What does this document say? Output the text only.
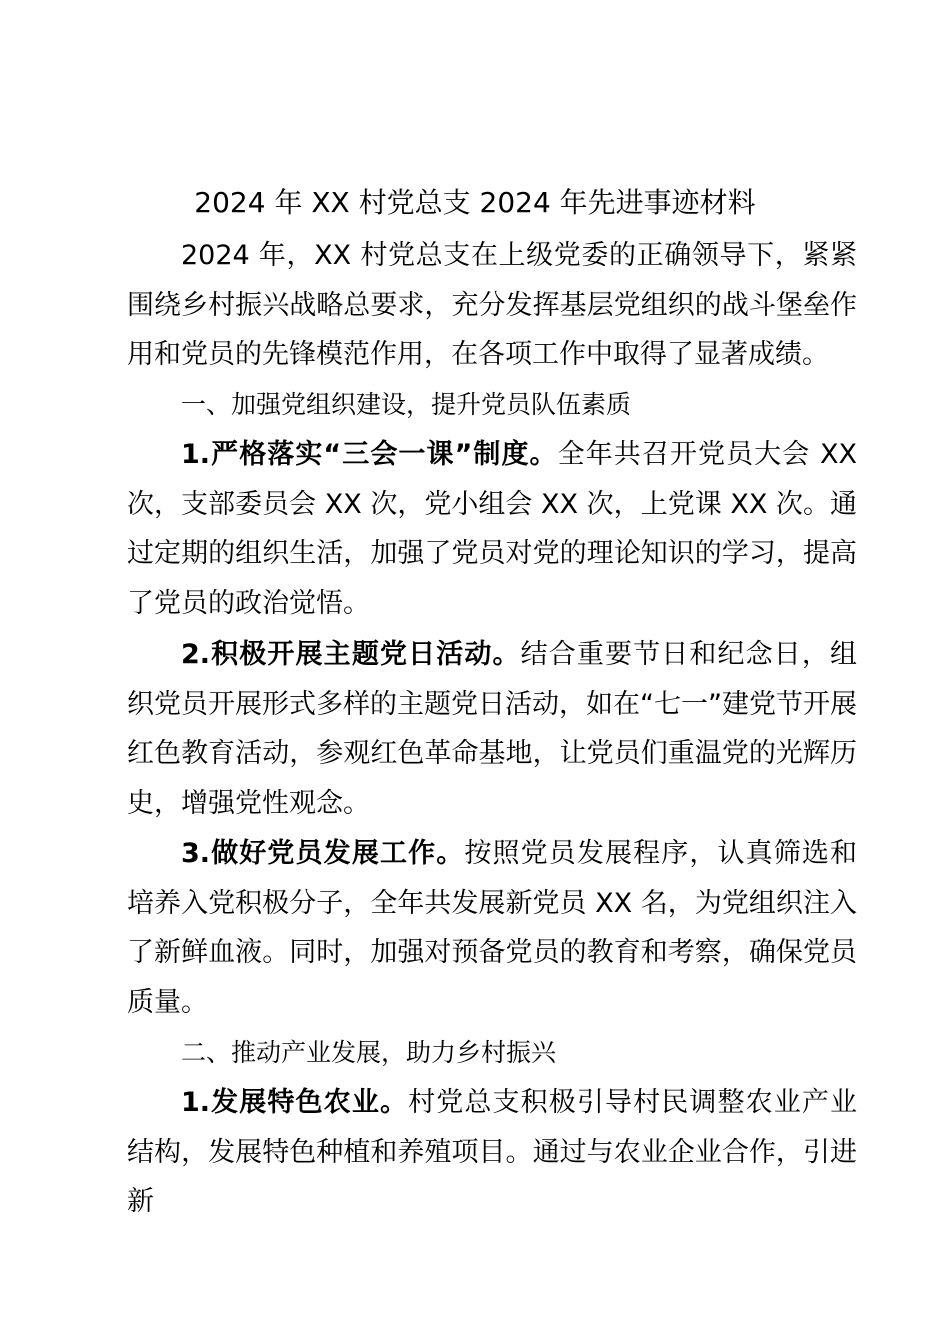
2024 年 XX 村党总支 2024 年先进事迹材料
2024 年，XX 村党总支在上级党委的正确领导下，紧紧围绕乡村振兴战略总要求，充分发挥基层党组织的战斗堡垒作用和党员的先锋模范作用，在各项工作中取得了显著成绩。
一、加强党组织建设，提升党员队伍素质
1.严格落实“三会一课”制度。全年共召开党员大会 XX 次，支部委员会 XX 次，党小组会 XX 次，上党课 XX 次。通过定期的组织生活，加强了党员对党的理论知识的学习，提高了党员的政治觉悟。
2.积极开展主题党日活动。结合重要节日和纪念日，组织党员开展形式多样的主题党日活动，如在“七一”建党节开展红色教育活动，参观红色革命基地，让党员们重温党的光辉历史，增强党性观念。
3.做好党员发展工作。按照党员发展程序，认真筛选和培养入党积极分子，全年共发展新党员 XX 名，为党组织注入了新鲜血液。同时，加强对预备党员的教育和考察，确保党员质量。
二、推动产业发展，助力乡村振兴
1.发展特色农业。村党总支积极引导村民调整农业产业结构，发展特色种植和养殖项目。通过与农业企业合作，引进新
